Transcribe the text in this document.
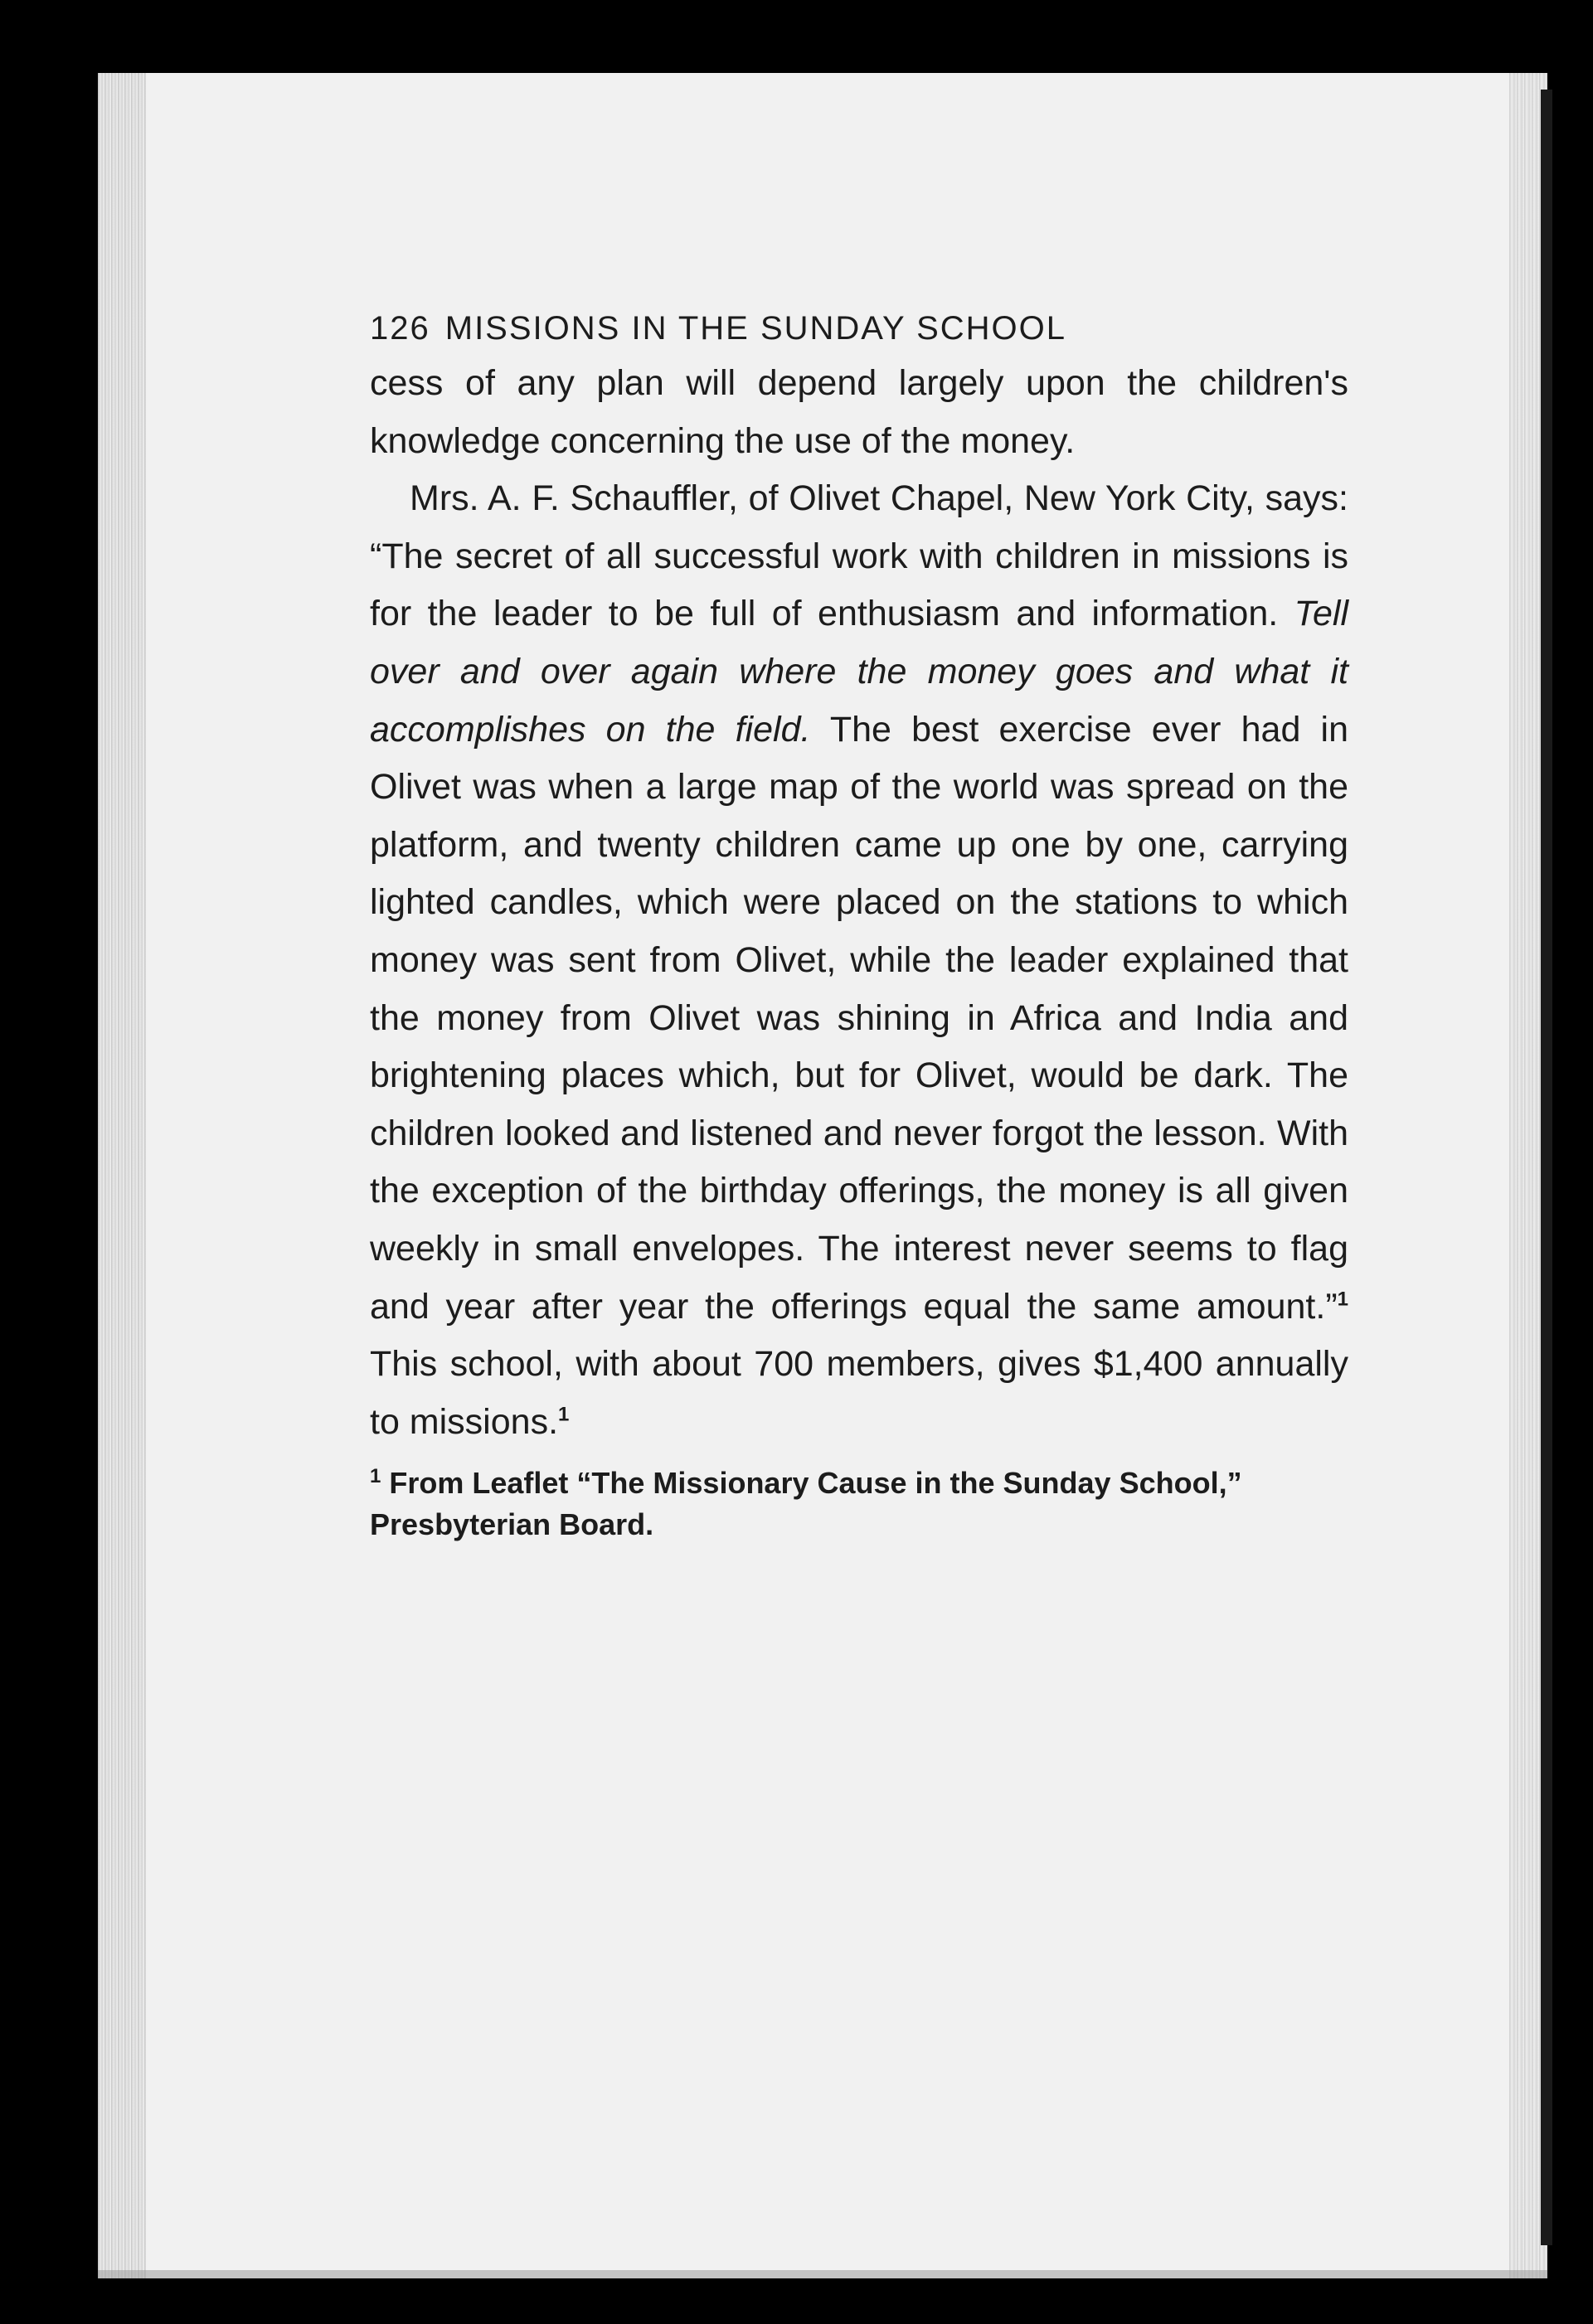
126 MISSIONS IN THE SUNDAY SCHOOL

cess of any plan will depend largely upon the children's knowledge concerning the use of the money.

Mrs. A. F. Schauffler, of Olivet Chapel, New York City, says: “The secret of all successful work with children in missions is for the leader to be full of enthusiasm and information. Tell over and over again where the money goes and what it accomplishes on the field. The best exercise ever had in Olivet was when a large map of the world was spread on the platform, and twenty children came up one by one, carrying lighted candles, which were placed on the stations to which money was sent from Olivet, while the leader explained that the money from Olivet was shining in Africa and India and brightening places which, but for Olivet, would be dark. The children looked and listened and never forgot the lesson. With the exception of the birthday offerings, the money is all given weekly in small envelopes. The interest never seems to flag and year after year the offerings equal the same amount.”$^1$ This school, with about 700 members, gives $1,400 annually to missions.$^1$

$^1$ From Leaflet “The Missionary Cause in the Sunday School,” Presbyterian Board.
